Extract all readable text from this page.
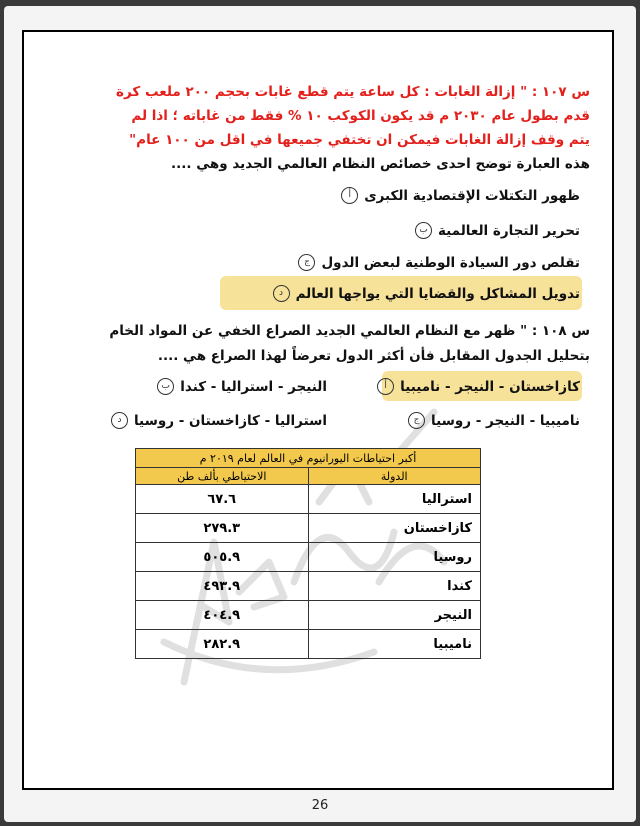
س ١٠٧ : " إزالة الغابات : كل ساعة يتم قطع غابات بحجم ٢٠٠ ملعب كرة
قدم بطول عام ٢٠٣٠ م قد يكون الكوكب ١٠ % فقط من غاباته ؛ اذا لم
يتم وقف إزالة الغابات فيمكن ان تختفي جميعها في اقل من ١٠٠ عام"
هذه العبارة توضح احدى خصائص النظام العالمي الجديد وهي ....
أ ظهور التكتلات الإقتصادية الكبرى
ب تحرير التجارة العالمية
ج تقلص دور السيادة الوطنية لبعض الدول
د تدويل المشاكل والقضايا التي يواجها العالم
س ١٠٨ : " ظهر مع النظام العالمي الجديد الصراع الخفي عن المواد الخام
بتحليل الجدول المقابل فأن أكثر الدول تعرضاً لهذا الصراع هي ....
أ كازاخستان - النيجر - ناميبيا
ب النيجر - استراليا - كندا
ج ناميبيا - النيجر - روسيا
د استراليا - كازاخستان - روسيا
أكبر احتياطات اليورانيوم في العالم لعام ٢٠١٩ م	
الدولة	الاحتياطي بألف طن
استراليا	٦٧.٦
كازاخستان	٢٧٩.٣
روسيا	٥٠٥.٩
كندا	٤٩٣.٩
النيجر	٤٠٤.٩
ناميبيا	٢٨٢.٩
26
